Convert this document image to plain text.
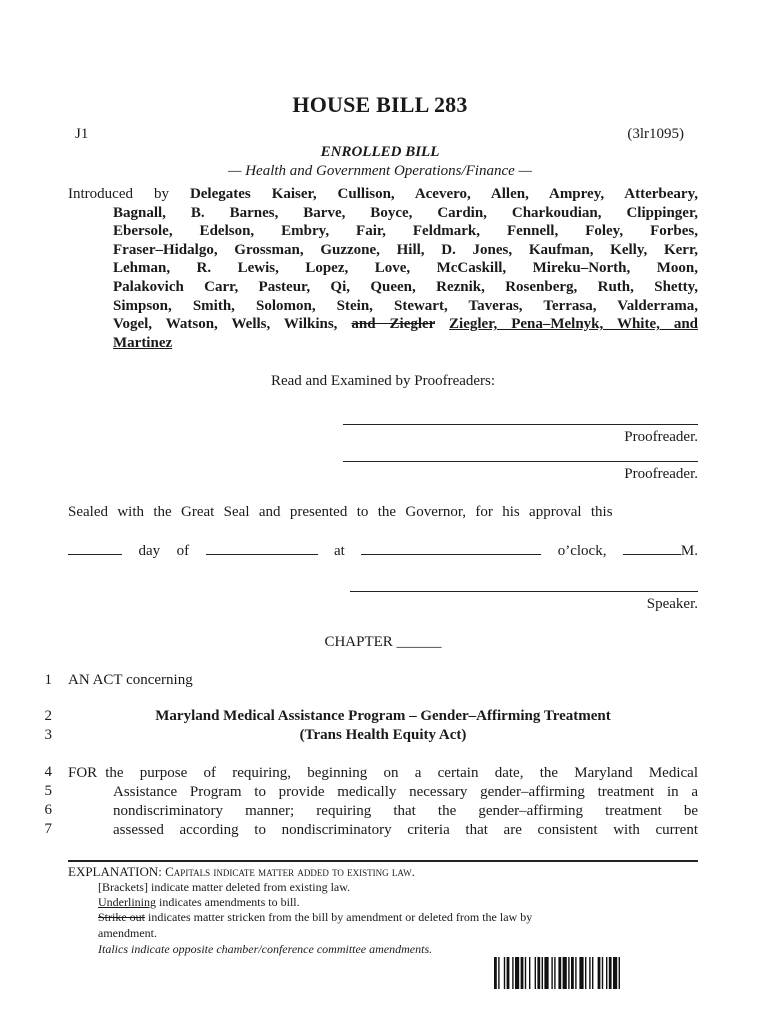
HOUSE BILL 283
J1	(3lr1095)
ENROLLED BILL
— Health and Government Operations/Finance —
Introduced by Delegates Kaiser, Cullison, Acevero, Allen, Amprey, Atterbeary,
Bagnall, B. Barnes, Barve, Boyce, Cardin, Charkoudian, Clippinger,
Ebersole, Edelson, Embry, Fair, Feldmark, Fennell, Foley, Forbes,
Fraser–Hidalgo, Grossman, Guzzone, Hill, D. Jones, Kaufman, Kelly, Kerr,
Lehman, R. Lewis, Lopez, Love, McCaskill, Mireku–North, Moon,
Palakovich Carr, Pasteur, Qi, Queen, Reznik, Rosenberg, Ruth, Shetty,
Simpson, Smith, Solomon, Stein, Stewart, Taveras, Terrasa, Valderrama,
Vogel, Watson, Wells, Wilkins, and Ziegler Ziegler, Pena–Melnyk, White, and
Martinez
Read and Examined by Proofreaders:
Proofreader.
Proofreader.
Sealed with the Great Seal and presented to the Governor, for his approval this
day of	at	o’clock,	M.
Speaker.
CHAPTER ______
1 AN ACT concerning
2	Maryland Medical Assistance Program – Gender–Affirming Treatment
3	(Trans Health Equity Act)
4
5
6
7
FOR the purpose of requiring, beginning on a certain date, the Maryland Medical
Assistance Program to provide medically necessary gender–affirming treatment in a
nondiscriminatory manner; requiring that the gender–affirming treatment be
assessed according to nondiscriminatory criteria that are consistent with current
EXPLANATION: Capitals indicate matter added to existing law.
[Brackets] indicate matter deleted from existing law.
Underlining indicates amendments to bill.
Strike out indicates matter stricken from the bill by amendment or deleted from the law by
amendment.
Italics indicate opposite chamber/conference committee amendments.
